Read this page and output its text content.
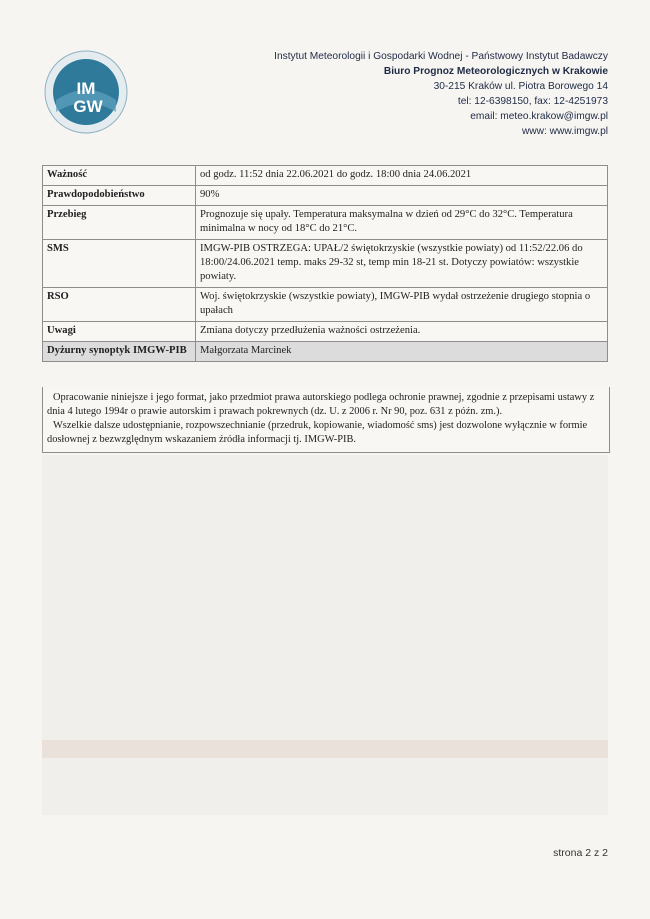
IM
GW
Instytut Meteorologii i Gospodarki Wodnej - Państwowy Instytut Badawczy
Biuro Prognoz Meteorologicznych w Krakowie
30-215 Kraków ul. Piotra Borowego 14
tel: 12-6398150, fax: 12-4251973
email: meteo.krakow@imgw.pl
www: www.imgw.pl
Ważność	od godz. 11:52 dnia 22.06.2021 do godz. 18:00 dnia 24.06.2021
Prawdopodobieństwo	90%
Przebieg	Prognozuje się upały. Temperatura maksymalna w dzień od 29°C do 32°C. Temperatura minimalna w nocy od 18°C do 21°C.
SMS	IMGW-PIB OSTRZEGA: UPAŁ/2 świętokrzyskie (wszystkie powiaty) od 11:52/22.06 do 18:00/24.06.2021 temp. maks 29-32 st, temp min 18-21 st. Dotyczy powiatów: wszystkie powiaty.
RSO	Woj. świętokrzyskie (wszystkie powiaty), IMGW-PIB wydał ostrzeżenie drugiego stopnia o upałach
Uwagi	Zmiana dotyczy przedłużenia ważności ostrzeżenia.
Dyżurny synoptyk IMGW-PIB	Małgorzata Marcinek

Opracowanie niniejsze i jego format, jako przedmiot prawa autorskiego podlega ochronie prawnej, zgodnie z przepisami ustawy z dnia 4 lutego 1994r o prawie autorskim i prawach pokrewnych (dz. U. z 2006 r. Nr 90, poz. 631 z późn. zm.).

Wszelkie dalsze udostępnianie, rozpowszechnianie (przedruk, kopiowanie, wiadomość sms) jest dozwolone wyłącznie w formie dosłownej z bezwzględnym wskazaniem źródła informacji tj. IMGW-PIB.

strona 2 z 2
